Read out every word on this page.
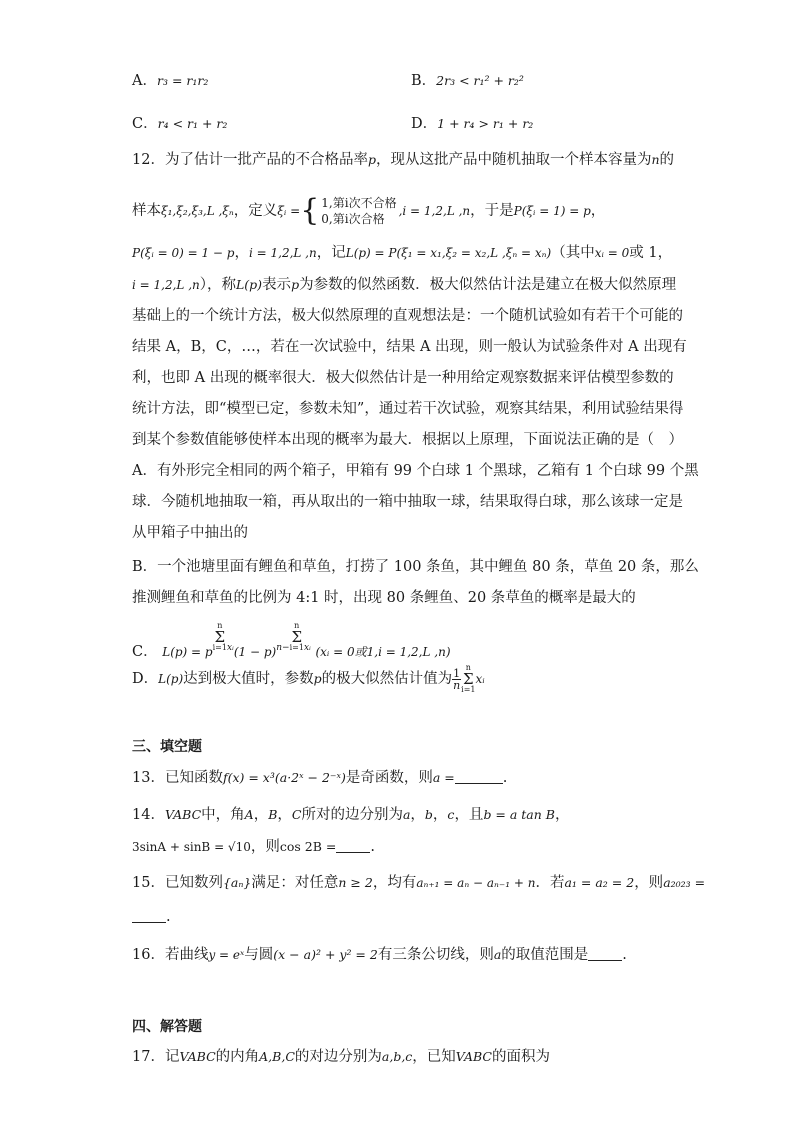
A．r₃ = r₁r₂	B．2r₃ < r₁² + r₂²
C．r₄ < r₁ + r₂	D．1 + r₄ > r₁ + r₂
12．为了估计一批产品的不合格品率p，现从这批产品中随机抽取一个样本容量为n的
样本ξ₁,ξ₂,ξ₃,L ,ξₙ，定义ξᵢ ={ 1,第i次不合格
0,第i次合格
,i = 1,2,L ,n，于是P(ξᵢ = 1) = p，
P(ξᵢ = 0) = 1 − p，i = 1,2,L ,n，记L(p) = P(ξ₁ = x₁,ξ₂ = x₂,L ,ξₙ = xₙ)（其中xᵢ = 0或 1，
i = 1,2,L ,n），称L(p)表示p为参数的似然函数．极大似然估计法是建立在极大似然原理
基础上的一个统计方法，极大似然原理的直观想法是：一个随机试验如有若干个可能的
结果 A，B，C，…，若在一次试验中，结果 A 出现，则一般认为试验条件对 A 出现有
利，也即 A 出现的概率很大．极大似然估计是一种用给定观察数据来评估模型参数的
统计方法，即“模型已定，参数未知”，通过若干次试验，观察其结果，利用试验结果得
到某个参数值能够使样本出现的概率为最大．根据以上原理，下面说法正确的是（　）
A．有外形完全相同的两个箱子，甲箱有 99 个白球 1 个黑球，乙箱有 1 个白球 99 个黑
球．今随机地抽取一箱，再从取出的一箱中抽取一球，结果取得白球，那么该球一定是
从甲箱子中抽出的
B．一个池塘里面有鲤鱼和草鱼，打捞了 100 条鱼，其中鲤鱼 80 条，草鱼 20 条，那么
推测鲤鱼和草鱼的比例为 4:1 时，出现 80 条鲤鱼、20 条草鱼的概率是最大的
C． L(p) = pn
Σ
$i=1^{xᵢ}(1 - p)^{n-}n$
Σ
$i=1^{xᵢ}$ (xᵢ = 0或1,i = 1,2,L ,n)
D．L(p)达到极大值时，参数p的极大似然估计值为 $\frac{1}{n}$ n
Σ
i=1xᵢ
三、填空题
13．已知函数f(x) = x³(a·2ˣ − 2⁻ˣ)是奇函数，则a =	.
14．VABC中，角A，B，C所对的边分别为a，b，c，且b = a tan B，
3sinA + sinB = √10，则cos 2B = .
15．已知数列{aₙ}满足：对任意n ≥ 2，均有aₙ₊₁ = aₙ − aₙ₋₁ + n．若a₁ = a₂ = 2，则a₂₀₂₃ =
.
16．若曲线y = eˣ与圆(x − a)² + y² = 2有三条公切线，则a的取值范围是 .
四、解答题
17．记VABC的内角A,B,C的对边分别为a,b,c，已知VABC的面积为
